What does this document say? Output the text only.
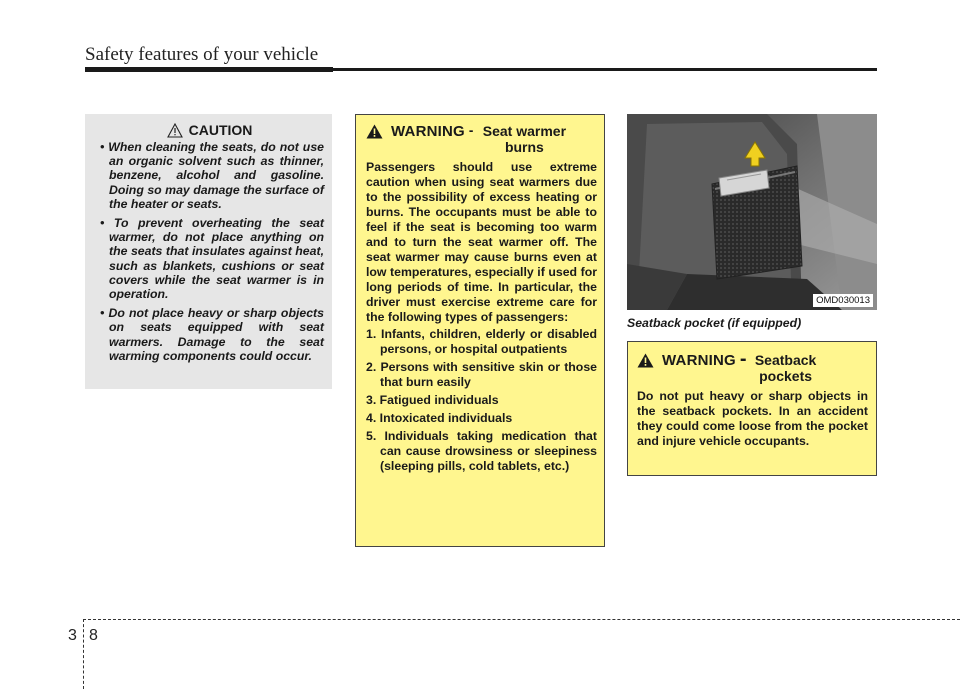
Safety features of your vehicle
CAUTION
• When cleaning the seats, do not use an organic solvent such as thinner, benzene, alcohol and gasoline. Doing so may damage the surface of the heater or seats.
• To prevent overheating the seat warmer, do not place anything on the seats that insulates against heat, such as blankets, cushions or seat covers while the seat warmer is in operation.
• Do not place heavy or sharp objects on seats equipped with seat warmers. Damage to the seat warming components could occur.
WARNING - Seat warmer burns
Passengers should use extreme caution when using seat warmers due to the possibility of excess heating or burns. The occupants must be able to feel if the seat is becoming too warm and to turn the seat warmer off. The seat warmer may cause burns even at low temperatures, especially if used for long periods of time. In particular, the driver must exercise extreme care for the following types of passengers:
1. Infants, children, elderly or disabled persons, or hospital outpatients
2. Persons with sensitive skin or those that burn easily
3. Fatigued individuals
4. Intoxicated individuals
5. Individuals taking medication that can cause drowsiness or sleepiness (sleeping pills, cold tablets, etc.)
OMD030013
Seatback pocket (if equipped)
WARNING - Seatback pockets
Do not put heavy or sharp objects in the seatback pockets. In an accident they could come loose from the pocket and injure vehicle occupants.
3 8
